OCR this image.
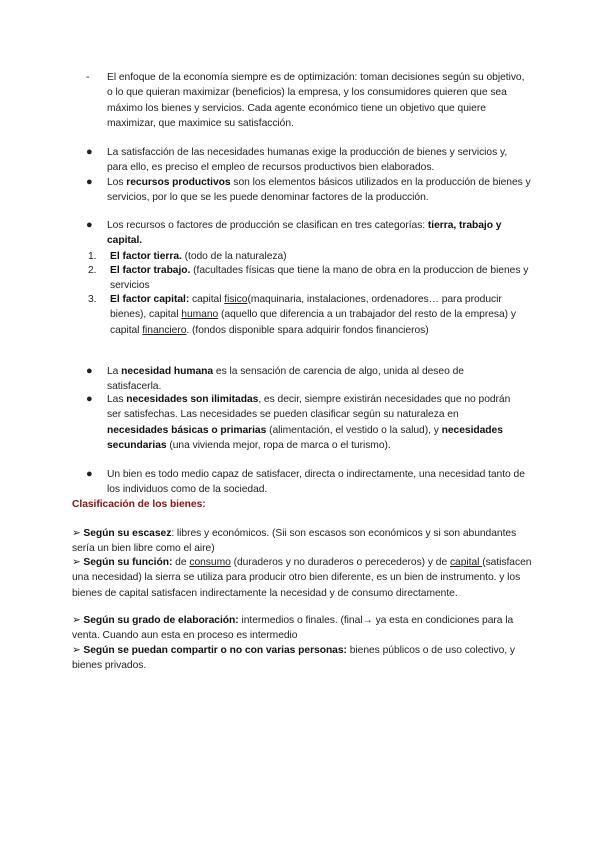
- El enfoque de la economía siempre es de optimización: toman decisiones según su objetivo, o lo que quieran maximizar (beneficios) la empresa, y los consumidores quieren que sea máximo los bienes y servicios. Cada agente económico tiene un objetivo que quiere maximizar, que maximice su satisfacción.
● La satisfacción de las necesidades humanas exige la producción de bienes y servicios y, para ello, es preciso el empleo de recursos productivos bien elaborados.
● Los recursos productivos son los elementos básicos utilizados en la producción de bienes y servicios, por lo que se les puede denominar factores de la producción.
● Los recursos o factores de producción se clasifican en tres categorías: tierra, trabajo y capital.
1. El factor tierra. (todo de la naturaleza)
2. El factor trabajo. (facultades físicas que tiene la mano de obra en la produccion de bienes y servicios
3. El factor capital: capital fisico(maquinaria, instalaciones, ordenadores… para producir bienes), capital humano (aquello que diferencia a un trabajador del resto de la empresa) y capital financiero. (fondos disponible spara adquirir fondos financieros)
● La necesidad humana es la sensación de carencia de algo, unida al deseo de satisfacerla.
● Las necesidades son ilimitadas, es decir, siempre existirán necesidades que no podrán ser satisfechas. Las necesidades se pueden clasificar según su naturaleza en necesidades básicas o primarias (alimentación, el vestido o la salud), y necesidades secundarias (una vivienda mejor, ropa de marca o el turismo).
● Un bien es todo medio capaz de satisfacer, directa o indirectamente, una necesidad tanto de los individuos como de la sociedad.
Clasificación de los bienes:
➢ Según su escasez: libres y económicos. (Sii son escasos son económicos y si son abundantes sería un bien libre como el aire)
➢ Según su función: de consumo (duraderos y no duraderos o perecederos) y de capital (satisfacen una necesidad) la sierra se utiliza para producir otro bien diferente, es un bien de instrumento. y los bienes de capital satisfacen indirectamente la necesidad y de consumo directamente.
➢ Según su grado de elaboración: intermedios o finales. (final→ ya esta en condiciones para la venta. Cuando aun esta en proceso es intermedio
➢ Según se puedan compartir o no con varias personas: bienes públicos o de uso colectivo, y bienes privados.
